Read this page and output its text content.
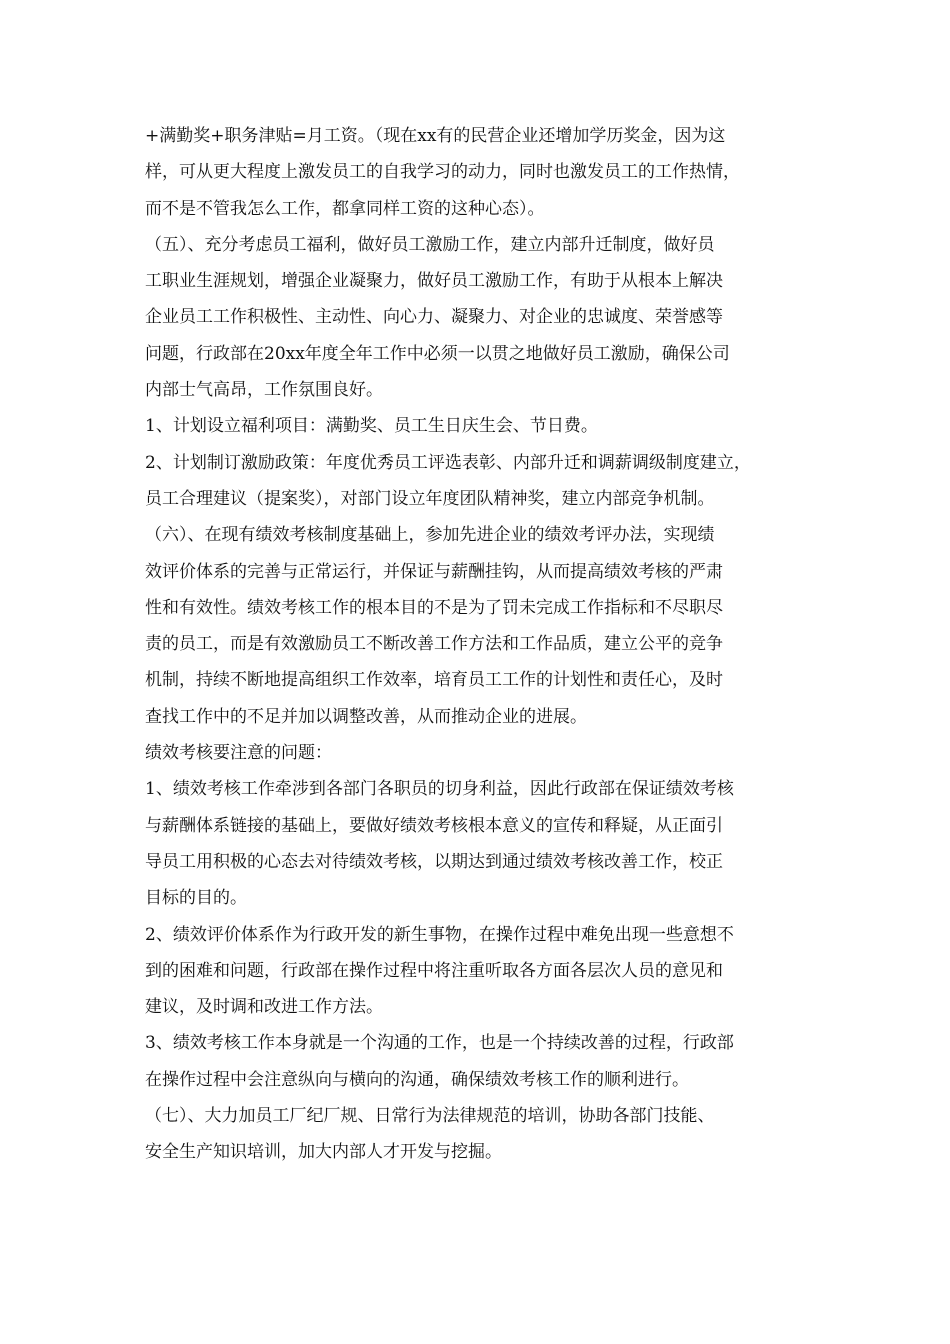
+满勤奖+职务津贴=月工资。（现在xx有的民营企业还增加学历奖金，因为这
样，可从更大程度上激发员工的自我学习的动力，同时也激发员工的工作热情，
而不是不管我怎么工作，都拿同样工资的这种心态）。
（五）、充分考虑员工福利，做好员工激励工作，建立内部升迁制度，做好员
工职业生涯规划，增强企业凝聚力，做好员工激励工作，有助于从根本上解决
企业员工工作积极性、主动性、向心力、凝聚力、对企业的忠诚度、荣誉感等
问题，行政部在20xx年度全年工作中必须一以贯之地做好员工激励，确保公司
内部士气高昂，工作氛围良好。
1、计划设立福利项目：满勤奖、员工生日庆生会、节日费。
2、计划制订激励政策：年度优秀员工评选表彰、内部升迁和调薪调级制度建立，
员工合理建议（提案奖），对部门设立年度团队精神奖，建立内部竞争机制。
（六）、在现有绩效考核制度基础上，参加先进企业的绩效考评办法，实现绩
效评价体系的完善与正常运行，并保证与薪酬挂钩，从而提高绩效考核的严肃
性和有效性。绩效考核工作的根本目的不是为了罚未完成工作指标和不尽职尽
责的员工，而是有效激励员工不断改善工作方法和工作品质，建立公平的竞争
机制，持续不断地提高组织工作效率，培育员工工作的计划性和责任心，及时
查找工作中的不足并加以调整改善，从而推动企业的进展。
绩效考核要注意的问题：
1、绩效考核工作牵涉到各部门各职员的切身利益，因此行政部在保证绩效考核
与薪酬体系链接的基础上，要做好绩效考核根本意义的宣传和释疑，从正面引
导员工用积极的心态去对待绩效考核，以期达到通过绩效考核改善工作，校正
目标的目的。
2、绩效评价体系作为行政开发的新生事物，在操作过程中难免出现一些意想不
到的困难和问题，行政部在操作过程中将注重听取各方面各层次人员的意见和
建议，及时调和改进工作方法。
3、绩效考核工作本身就是一个沟通的工作，也是一个持续改善的过程，行政部
在操作过程中会注意纵向与横向的沟通，确保绩效考核工作的顺利进行。
（七）、大力加员工厂纪厂规、日常行为法律规范的培训，协助各部门技能、
安全生产知识培训，加大内部人才开发与挖掘。
